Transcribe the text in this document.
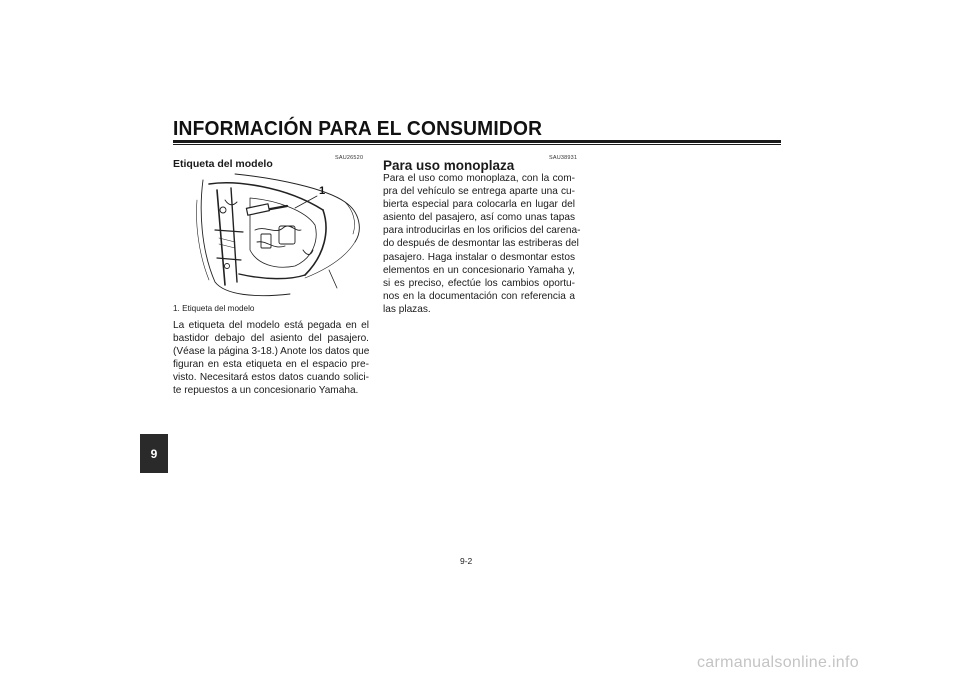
INFORMACIÓN PARA EL CONSUMIDOR
9
SAU26520
Etiqueta del modelo
1
1. Etiqueta del modelo
La etiqueta del modelo está pegada en el
bastidor debajo del asiento del pasajero.
(Véase la página 3-18.) Anote los datos que
figuran en esta etiqueta en el espacio pre-
visto. Necesitará estos datos cuando solici-
te repuestos a un concesionario Yamaha.
SAU38931
Para uso monoplaza
Para el uso como monoplaza, con la com-
pra del vehículo se entrega aparte una cu-
bierta especial para colocarla en lugar del
asiento del pasajero, así como unas tapas
para introducirlas en los orificios del carena-
do después de desmontar las estriberas del
pasajero. Haga instalar o desmontar estos
elementos en un concesionario Yamaha y,
si es preciso, efectúe los cambios oportu-
nos en la documentación con referencia a
las plazas.
9-2
carmanualsonline.info
